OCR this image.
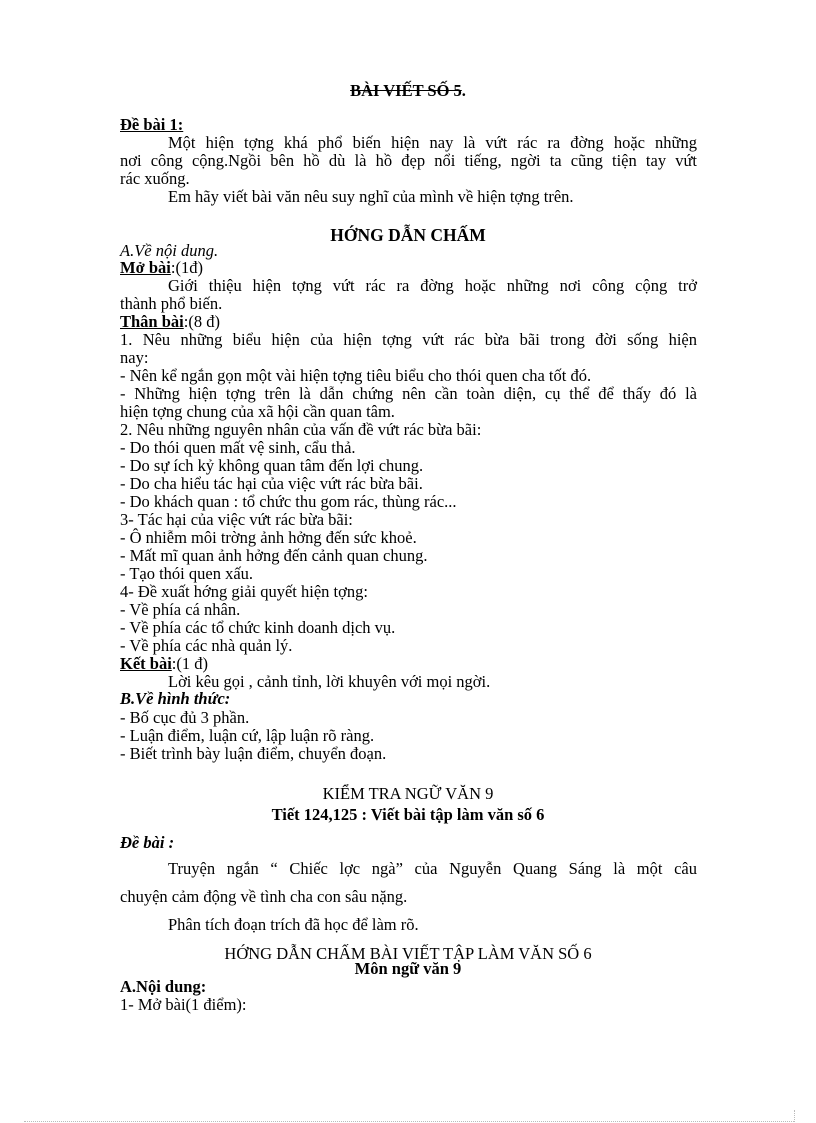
BÀI VIẾT SỐ 5.
Đề bài 1:
Một hiện tợng khá phổ biến hiện nay là vứt rác ra đờng hoặc những
nơi công cộng.Ngồi bên hồ dù là hồ đẹp nổi tiếng, ngời ta cũng tiện tay vứt
rác xuống.
Em hãy viết bài văn nêu suy nghĩ của mình về hiện tợng trên.
HỚNG DẪN CHẤM
A.Về nội dung.
Mở bài:(1đ)
Giới thiệu hiện tợng vứt rác ra đờng hoặc những nơi công cộng trở
thành phổ biến.
Thân bài:(8 đ)
1. Nêu những biểu hiện của hiện tợng vứt rác bừa bãi trong đời sống hiện
nay:
- Nên kể ngắn gọn một vài hiện tợng tiêu biểu cho thói quen cha tốt đó.
- Những hiện tợng trên là dẫn chứng nên cần toàn diện, cụ thể để thấy đó là
hiện tợng chung của xã hội cần quan tâm.
2. Nêu những nguyên nhân của vấn đề vứt rác bừa bãi:
- Do thói quen mất vệ sinh, cẩu thả.
- Do sự ích kỷ không quan tâm đến lợi chung.
- Do cha hiểu tác hại của việc vứt rác bừa bãi.
- Do khách quan : tổ chức thu gom rác, thùng rác...
3- Tác hại của việc vứt rác bừa bãi:
- Ô nhiễm môi trờng ảnh hởng đến sức khoẻ.
- Mất mĩ quan ảnh hởng đến cảnh quan chung.
- Tạo thói quen xấu.
4- Đề xuất hớng giải quyết hiện tợng:
- Về phía cá nhân.
- Về phía các tổ chức kinh doanh dịch vụ.
- Về phía các nhà quản lý.
Kết bài:(1 đ)
Lời kêu gọi , cảnh tỉnh, lời khuyên với mọi ngời.
B.Về hình thức:
- Bố cục đủ 3 phần.
- Luận điểm, luận cứ, lập luận rõ ràng.
- Biết trình bày luận điểm, chuyển đoạn.
KIỂM TRA NGỮ VĂN 9
Tiết 124,125 : Viết bài tập làm văn số 6
Đề bài :
Truyện ngắn “ Chiếc lợc ngà” của Nguyễn Quang Sáng là một câu
chuyện cảm động về tình cha con sâu nặng.
Phân tích đoạn trích đã học để làm rõ.
HỚNG DẪN CHẤM BÀI VIẾT TẬP LÀM VĂN SỐ 6
Môn ngữ văn 9
A.Nội dung:
1- Mở bài(1 điểm):
